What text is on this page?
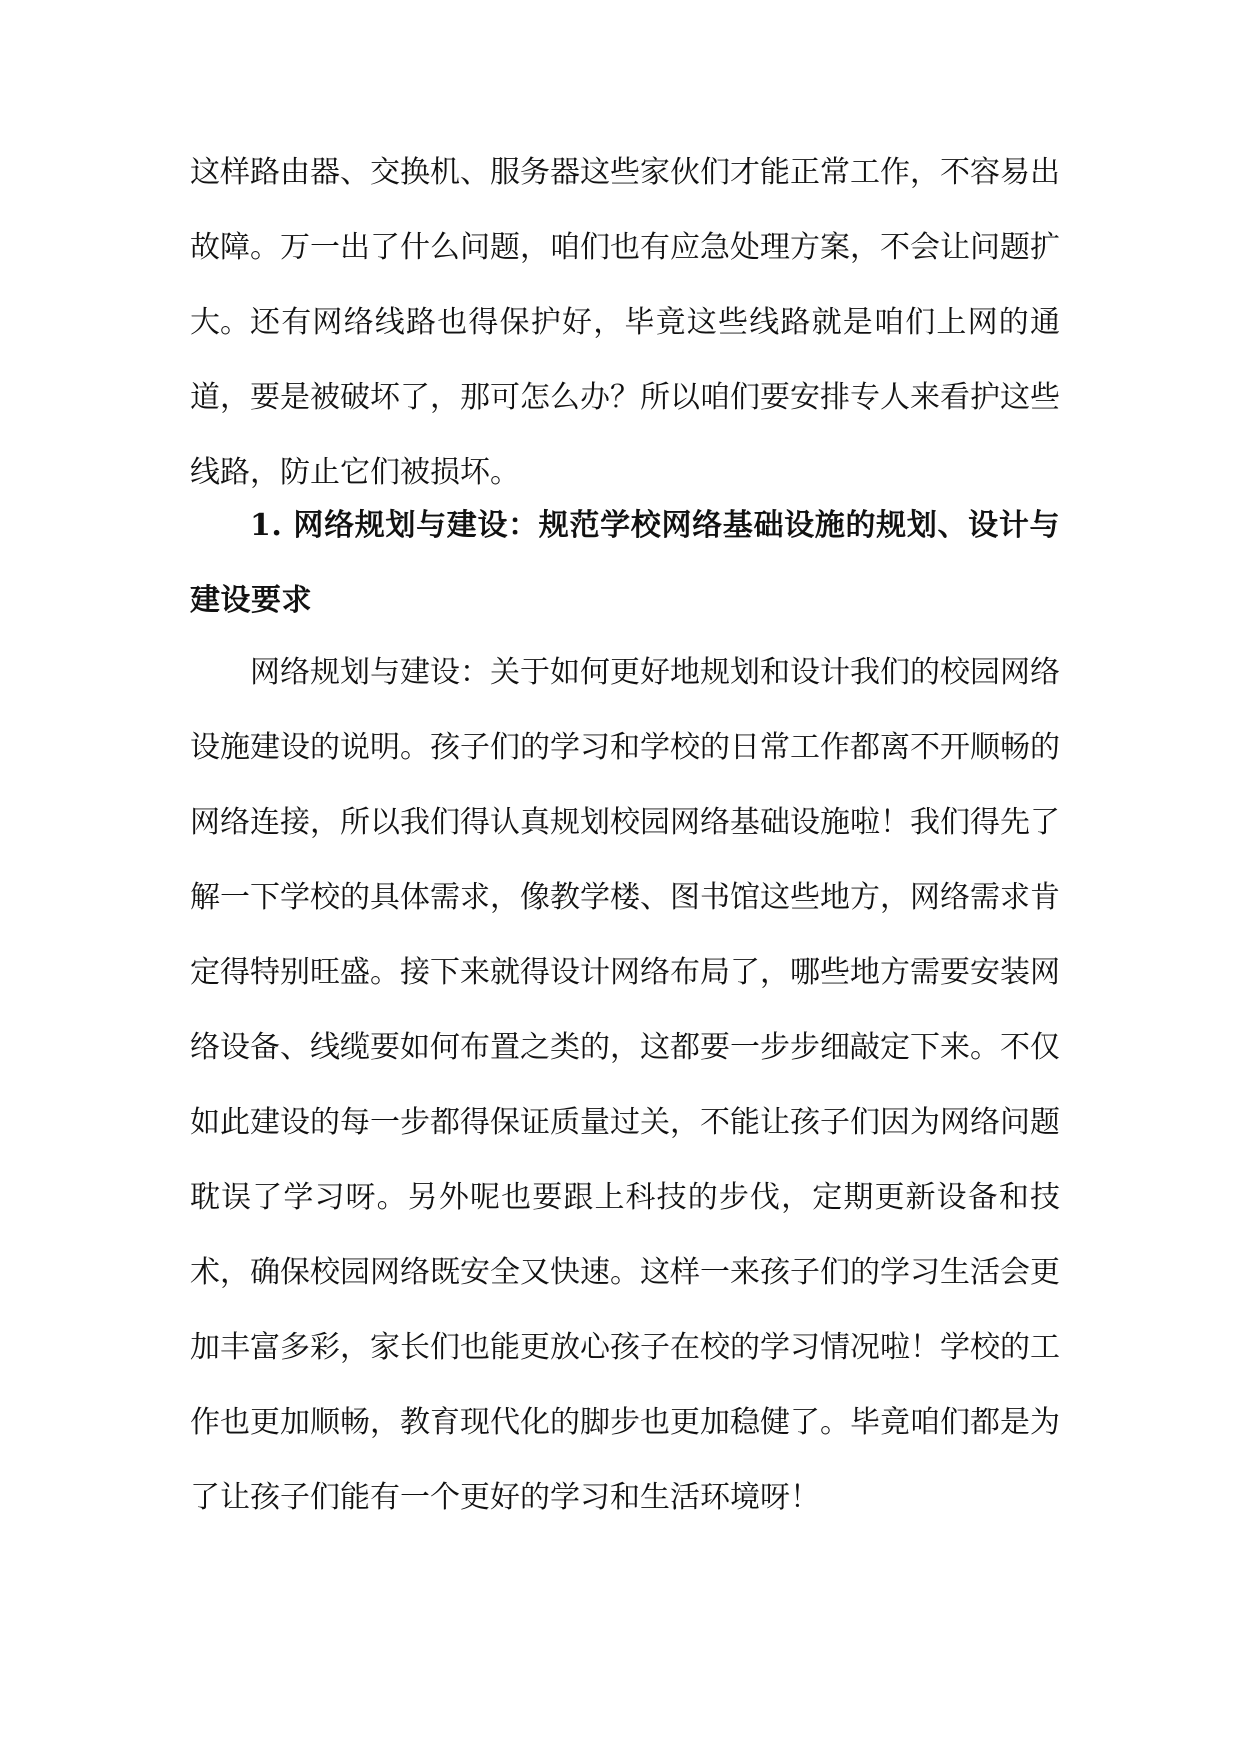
这样路由器、交换机、服务器这些家伙们才能正常工作，不容易出故障。万一出了什么问题，咱们也有应急处理方案，不会让问题扩大。 还有网络线路也得保护好，毕竟这些线路就是咱们上网的通道，要是被破坏了，那可怎么办？所以咱们要安排专人来看护这些线路，防止它们被损坏。

1. 网络规划与建设：规范学校网络基础设施的规划、设计与建设要求

网络规划与建设：关于如何更好地规划和设计我们的校园网络设施建设的说明。孩子们的学习和学校的日常工作都离不开顺畅的网络连接，所以我们得认真规划校园网络基础设施啦！我们得先了解一下学校的具体需求，像教学楼、图书馆这些地方，网络需求肯定得特别旺盛。接下来就得设计网络布局了，哪些地方需要安装网络设备、线缆要如何布置之类的，这都要一步步细敲定下来。不仅如此建设的每一步都得保证质量过关，不能让孩子们因为网络问题耽误了学习呀。另外呢也要跟上科技的步伐，定期更新设备和技术，确保校园网络既安全又快速。这样一来孩子们的学习生活会更加丰富多彩，家长们也能更放心孩子在校的学习情况啦！学校的工作也更加顺畅，教育现代化的脚步也更加稳健了。毕竟咱们都是为了让孩子们能有一个更好的学习和生活环境呀！
